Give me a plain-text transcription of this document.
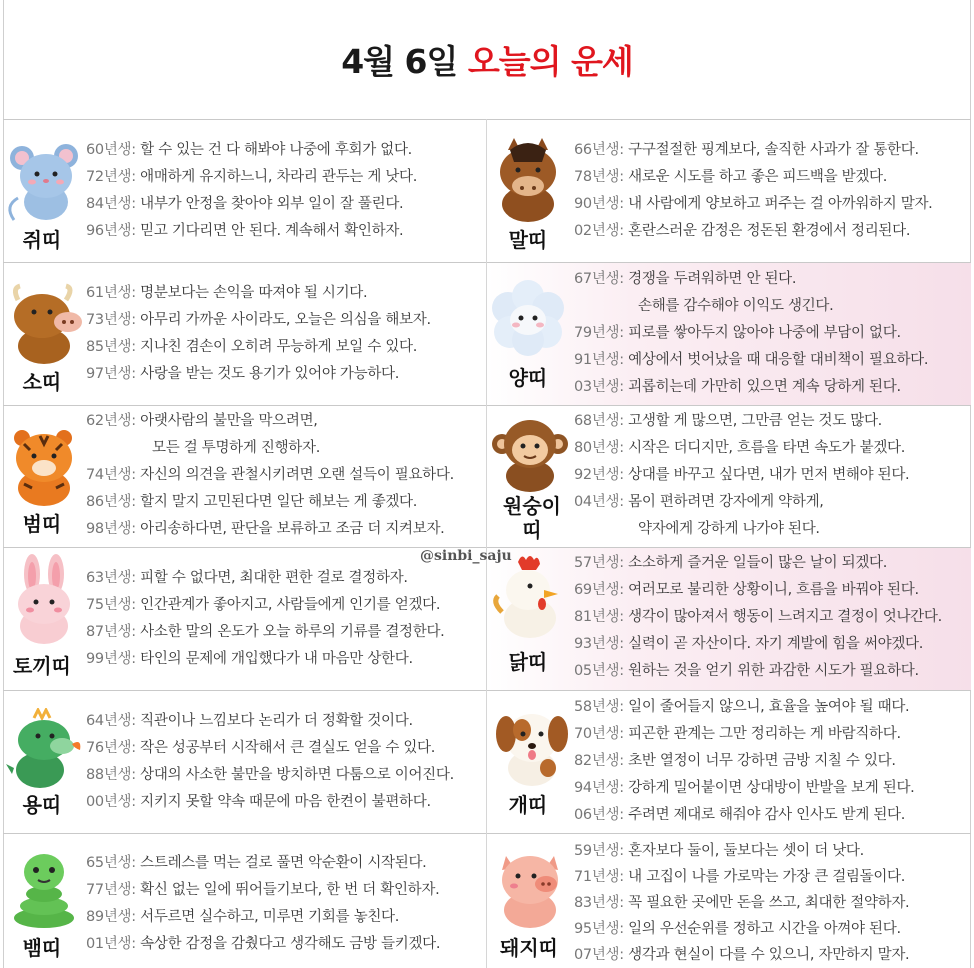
4월 6일 오늘의 운세
쥐띠
소띠
범띠
토끼띠
용띠
뱀띠
60년생: 할 수 있는 건 다 해봐야 나중에 후회가 없다.
72년생: 애매하게 유지하느니, 차라리 관두는 게 낫다.
84년생: 내부가 안정을 찾아야 외부 일이 잘 풀린다.
96년생: 믿고 기다리면 안 된다. 계속해서 확인하자.
61년생: 명분보다는 손익을 따져야 될 시기다.
73년생: 아무리 가까운 사이라도, 오늘은 의심을 해보자.
85년생: 지나친 겸손이 오히려 무능하게 보일 수 있다.
97년생: 사랑을 받는 것도 용기가 있어야 가능하다.
62년생: 아랫사람의 불만을 막으려면,
모든 걸 투명하게 진행하자.
74년생: 자신의 의견을 관철시키려면 오랜 설득이 필요하다.
86년생: 할지 말지 고민된다면 일단 해보는 게 좋겠다.
98년생: 아리송하다면, 판단을 보류하고 조금 더 지켜보자.
63년생: 피할 수 없다면, 최대한 편한 걸로 결정하자.
75년생: 인간관계가 좋아지고, 사람들에게 인기를 얻겠다.
87년생: 사소한 말의 온도가 오늘 하루의 기류를 결정한다.
99년생: 타인의 문제에 개입했다가 내 마음만 상한다.
64년생: 직관이나 느낌보다 논리가 더 정확할 것이다.
76년생: 작은 성공부터 시작해서 큰 결실도 얻을 수 있다.
88년생: 상대의 사소한 불만을 방치하면 다툼으로 이어진다.
00년생: 지키지 못할 약속 때문에 마음 한켠이 불편하다.
65년생: 스트레스를 먹는 걸로 풀면 악순환이 시작된다.
77년생: 확신 없는 일에 뛰어들기보다, 한 번 더 확인하자.
89년생: 서두르면 실수하고, 미루면 기회를 놓친다.
01년생: 속상한 감정을 감췄다고 생각해도 금방 들키겠다.
말띠
양띠
원숭이
띠
닭띠
개띠
돼지띠
66년생: 구구절절한 핑계보다, 솔직한 사과가 잘 통한다.
78년생: 새로운 시도를 하고 좋은 피드백을 받겠다.
90년생: 내 사람에게 양보하고 퍼주는 걸 아까워하지 말자.
02년생: 혼란스러운 감정은 정돈된 환경에서 정리된다.
67년생: 경쟁을 두려워하면 안 된다.
손해를 감수해야 이익도 생긴다.
79년생: 피로를 쌓아두지 않아야 나중에 부담이 없다.
91년생: 예상에서 벗어났을 때 대응할 대비책이 필요하다.
03년생: 괴롭히는데 가만히 있으면 계속 당하게 된다.
68년생: 고생할 게 많으면, 그만큼 얻는 것도 많다.
80년생: 시작은 더디지만, 흐름을 타면 속도가 붙겠다.
92년생: 상대를 바꾸고 싶다면, 내가 먼저 변해야 된다.
04년생: 몸이 편하려면 강자에게 약하게,
약자에게 강하게 나가야 된다.
57년생: 소소하게 즐거운 일들이 많은 날이 되겠다.
69년생: 여러모로 불리한 상황이니, 흐름을 바꿔야 된다.
81년생: 생각이 많아져서 행동이 느려지고 결정이 엇나간다.
93년생: 실력이 곧 자산이다. 자기 계발에 힘을 써야겠다.
05년생: 원하는 것을 얻기 위한 과감한 시도가 필요하다.
58년생: 일이 줄어들지 않으니, 효율을 높여야 될 때다.
70년생: 피곤한 관계는 그만 정리하는 게 바람직하다.
82년생: 초반 열정이 너무 강하면 금방 지칠 수 있다.
94년생: 강하게 밀어붙이면 상대방이 반발을 보게 된다.
06년생: 주려면 제대로 해줘야 감사 인사도 받게 된다.
59년생: 혼자보다 둘이, 둘보다는 셋이 더 낫다.
71년생: 내 고집이 나를 가로막는 가장 큰 걸림돌이다.
83년생: 꼭 필요한 곳에만 돈을 쓰고, 최대한 절약하자.
95년생: 일의 우선순위를 정하고 시간을 아껴야 된다.
07년생: 생각과 현실이 다를 수 있으니, 자만하지 말자.
@sinbi_saju
